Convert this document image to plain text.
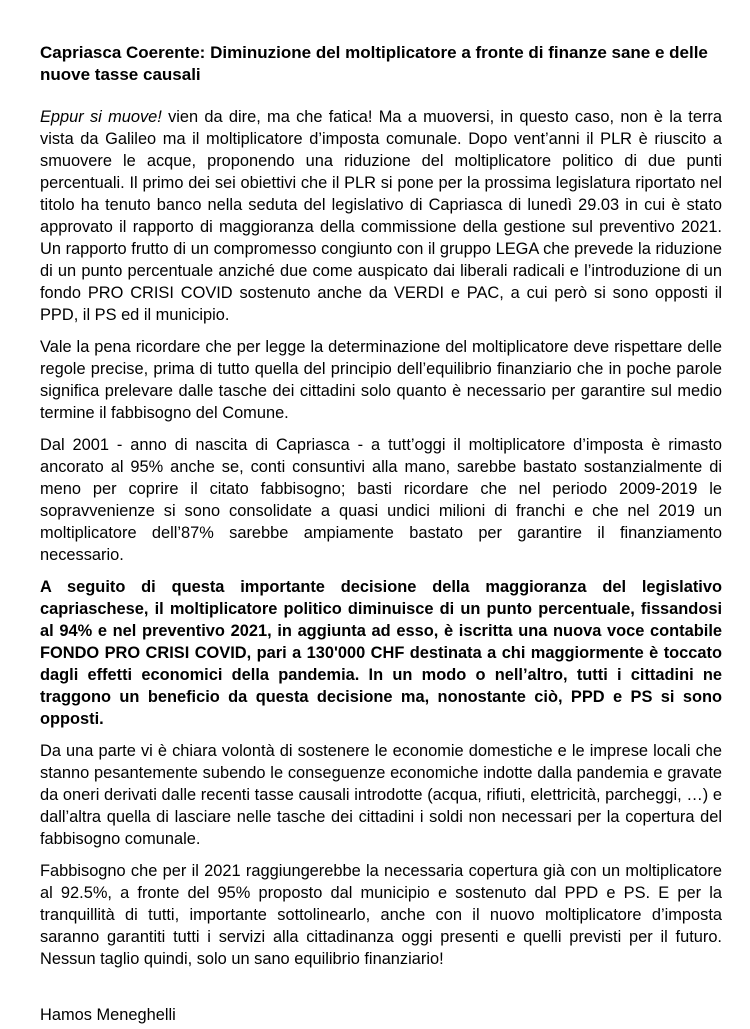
Capriasca Coerente: Diminuzione del moltiplicatore a fronte di finanze sane e delle nuove tasse causali

Eppur si muove! vien da dire, ma che fatica! Ma a muoversi, in questo caso, non è la terra vista da Galileo ma il moltiplicatore d’imposta comunale. Dopo vent’anni il PLR è riuscito a smuovere le acque, proponendo una riduzione del moltiplicatore politico di due punti percentuali. Il primo dei sei obiettivi che il PLR si pone per la prossima legislatura riportato nel titolo ha tenuto banco nella seduta del legislativo di Capriasca di lunedì 29.03 in cui è stato approvato il rapporto di maggioranza della commissione della gestione sul preventivo 2021. Un rapporto frutto di un compromesso congiunto con il gruppo LEGA che prevede la riduzione di un punto percentuale anziché due come auspicato dai liberali radicali e l’introduzione di un fondo PRO CRISI COVID sostenuto anche da VERDI e PAC, a cui però si sono opposti il PPD, il PS ed il municipio.

Vale la pena ricordare che per legge la determinazione del moltiplicatore deve rispettare delle regole precise, prima di tutto quella del principio dell’equilibrio finanziario che in poche parole significa prelevare dalle tasche dei cittadini solo quanto è necessario per garantire sul medio termine il fabbisogno del Comune.

Dal 2001 - anno di nascita di Capriasca - a tutt’oggi il moltiplicatore d’imposta è rimasto ancorato al 95% anche se, conti consuntivi alla mano, sarebbe bastato sostanzialmente di meno per coprire il citato fabbisogno; basti ricordare che nel periodo 2009-2019 le sopravvenienze si sono consolidate a quasi undici milioni di franchi e che nel 2019 un moltiplicatore dell’87% sarebbe ampiamente bastato per garantire il finanziamento necessario.

A seguito di questa importante decisione della maggioranza del legislativo capriaschese, il moltiplicatore politico diminuisce di un punto percentuale, fissandosi al 94% e nel preventivo 2021, in aggiunta ad esso, è iscritta una nuova voce contabile FONDO PRO CRISI COVID, pari a 130'000 CHF destinata a chi maggiormente è toccato dagli effetti economici della pandemia. In un modo o nell’altro, tutti i cittadini ne traggono un beneficio da questa decisione ma, nonostante ciò, PPD e PS si sono opposti.

Da una parte vi è chiara volontà di sostenere le economie domestiche e le imprese locali che stanno pesantemente subendo le conseguenze economiche indotte dalla pandemia e gravate da oneri derivati dalle recenti tasse causali introdotte (acqua, rifiuti, elettricità, parcheggi, …) e dall’altra quella di lasciare nelle tasche dei cittadini i soldi non necessari per la copertura del fabbisogno comunale.

Fabbisogno che per il 2021 raggiungerebbe la necessaria copertura già con un moltiplicatore al 92.5%, a fronte del 95% proposto dal municipio e sostenuto dal PPD e PS. E per la tranquillità di tutti, importante sottolinearlo, anche con il nuovo moltiplicatore d’imposta saranno garantiti tutti i servizi alla cittadinanza oggi presenti e quelli previsti per il futuro. Nessun taglio quindi, solo un sano equilibrio finanziario!

Hamos Meneghelli
